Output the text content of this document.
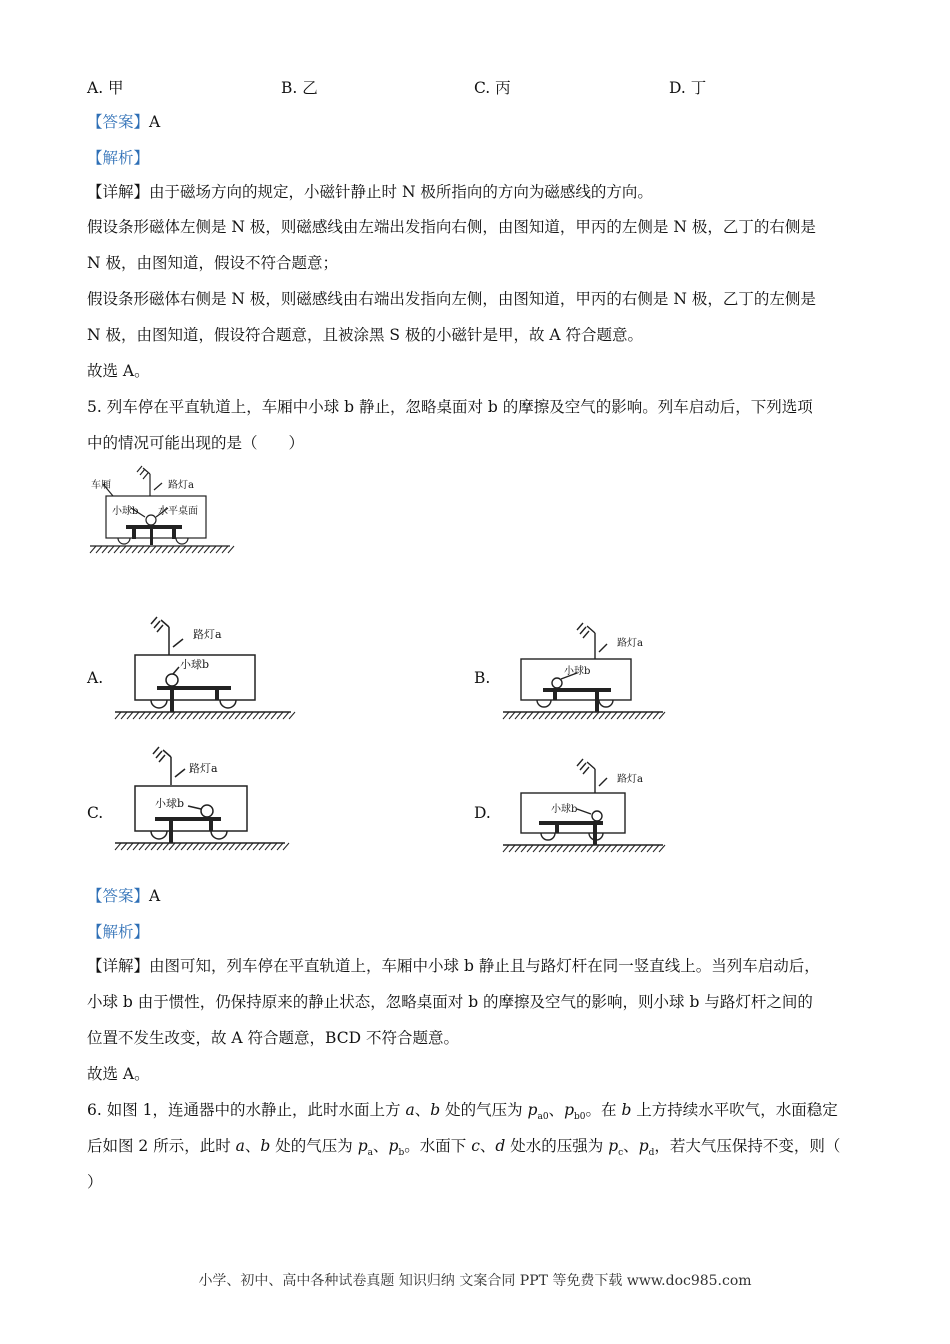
A. 甲	B. 乙	C. 丙	D. 丁
【答案】A
【解析】
【详解】由于磁场方向的规定，小磁针静止时 N 极所指向的方向为磁感线的方向。
假设条形磁体左侧是 N 极，则磁感线由左端出发指向右侧，由图知道，甲丙的左侧是 N 极，乙丁的右侧是
N 极，由图知道，假设不符合题意；
假设条形磁体右侧是 N 极，则磁感线由右端出发指向左侧，由图知道，甲丙的右侧是 N 极，乙丁的左侧是
N 极，由图知道，假设符合题意，且被涂黑 S 极的小磁针是甲，故 A 符合题意。
故选 A。
5. 列车停在平直轨道上，车厢中小球 b 静止，忽略桌面对 b 的摩擦及空气的影响。列车启动后，下列选项
中的情况可能出现的是（　　）
车厢	路灯a
小球b 水平桌面
A.
路灯a
小球b
B.
路灯a
小球b
C.
路灯a
小球b
D.
路灯a
小球b
【答案】A
【解析】
【详解】由图可知，列车停在平直轨道上，车厢中小球 b 静止且与路灯杆在同一竖直线上。当列车启动后，
小球 b 由于惯性，仍保持原来的静止状态，忽略桌面对 b 的摩擦及空气的影响，则小球 b 与路灯杆之间的
位置不发生改变，故 A 符合题意，BCD 不符合题意。
故选 A。
6. 如图 1，连通器中的水静止，此时水面上方 a、b 处的气压为 $p_{a0}$、$p_{b0}$。在 b 上方持续水平吹气，水面稳定
后如图 2 所示，此时 a、b 处的气压为 $p_a$、$p_b$。水面下 c、d 处水的压强为 $p_c$、$p_d$，若大气压保持不变，则（
）
小学、初中、高中各种试卷真题 知识归纳 文案合同 PPT 等免费下载 www.doc985.com
